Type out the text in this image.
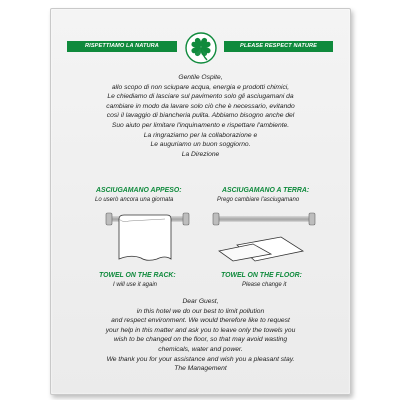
RISPETTIAMO LA NATURA	PLEASE RESPECT NATURE
Gentile Ospite,
allo scopo di non sciupare acqua, energia e prodotti chimici,
Le chiediamo di lasciare sul pavimento solo gli asciugamani da
cambiare in modo da lavare solo ciò che è necessario, evitando
così il lavaggio di biancheria pulita. Abbiamo bisogno anche del
Suo aiuto per limitare l'inquinamento e rispettare l'ambiente.
La ringraziamo per la collaborazione e
Le auguriamo un buon soggiorno.
La Direzione
ASCIUGAMANO APPESO:
Lo userò ancora una giornata
ASCIUGAMANO A TERRA:
Prego cambiare l'asciugamano
TOWEL ON THE RACK:
I will use it again
TOWEL ON THE FLOOR:
Please change it
Dear Guest,
in this hotel we do our best to limit pollution
and respect environment. We would therefore like to request
your help in this matter and ask you to leave only the towels you
wish to be changed on the floor, so that may avoid wasting
chemicals, water and power.
We thank you for your assistance and wish you a pleasant stay.
The Management
